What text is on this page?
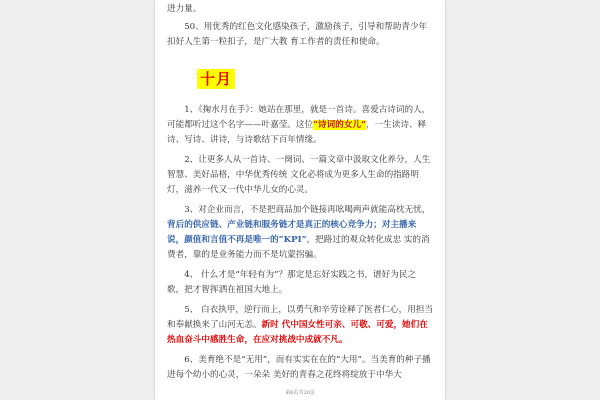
进力量。

50、用优秀的红色文化感染孩子，激励孩子，引导和帮助青少年扣好人生第一粒扣子，是广大教 育工作者的责任和使命。

十月

1、《掬水月在手》：她站在那里，就是一首诗。喜爱古诗词的人，可能都听过这个名字——叶嘉莹。这位“诗词的女儿”，一生读诗、释诗、写诗、讲诗，与诗歌结下百年情缘。

2、让更多人从一首诗、一阕词、一篇文章中汲取文化养分，人生智慧、美好品格，中华优秀传统 文化必将成为更多人生命的指路明灯，滋养一代又一代中华儿女的心灵。

3、对企业而言，不是把商品加个链接再吆喝两声就能高枕无忧，背后的供应链、产业链和服务链才是真正的核心竞争力；对主播来说，颜值和言值不再是唯一的“KPI”，把路过的观众转化成忠 实的消费者，靠的是业务能力而不是坑蒙拐骗。

4、 什么才是“年轻有为”？那定是忘好实践之书，谱好为民之歌，把才智挥洒在祖国大地上。

5、 白衣执甲，逆行而上，以勇气和辛劳诠释了医者仁心，用担当和奉献换来了山河无恙。新时 代中国女性可亲、可敬、可爱，她们在热血奋斗中感胜生命，在应对挑战中成就不凡。

6、美育绝不是“无用”，而有实实在在的“大用”。当美育的种子播进每个幼小的心灵，一朵朵 美好的青春之花终将绽放于中华大

第6页共20页
